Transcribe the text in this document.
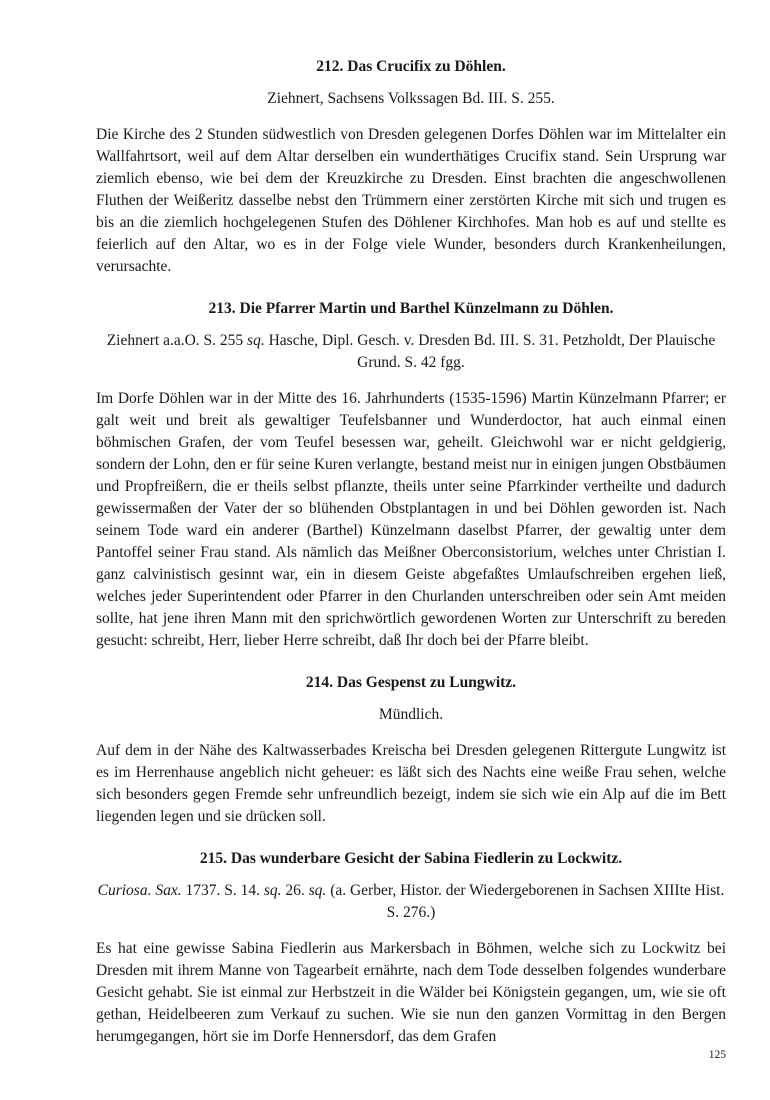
212. Das Crucifix zu Döhlen.

Ziehnert, Sachsens Volkssagen Bd. III. S. 255.

Die Kirche des 2 Stunden südwestlich von Dresden gelegenen Dorfes Döhlen war im Mittelalter ein Wallfahrtsort, weil auf dem Altar derselben ein wunderthätiges Crucifix stand. Sein Ursprung war ziemlich ebenso, wie bei dem der Kreuzkirche zu Dresden. Einst brachten die angeschwollenen Fluthen der Weißeritz dasselbe nebst den Trümmern einer zerstörten Kirche mit sich und trugen es bis an die ziemlich hochgelegenen Stufen des Döhlener Kirchhofes. Man hob es auf und stellte es feierlich auf den Altar, wo es in der Folge viele Wunder, besonders durch Krankenheilungen, verursachte.

213. Die Pfarrer Martin und Barthel Künzelmann zu Döhlen.

Ziehnert a.a.O. S. 255 sq. Hasche, Dipl. Gesch. v. Dresden Bd. III. S. 31. Petzholdt, Der Plauische Grund. S. 42 fgg.

Im Dorfe Döhlen war in der Mitte des 16. Jahrhunderts (1535-1596) Martin Künzelmann Pfarrer; er galt weit und breit als gewaltiger Teufelsbanner und Wunderdoctor, hat auch einmal einen böhmischen Grafen, der vom Teufel besessen war, geheilt. Gleichwohl war er nicht geldgierig, sondern der Lohn, den er für seine Kuren verlangte, bestand meist nur in einigen jungen Obstbäumen und Propfreißern, die er theils selbst pflanzte, theils unter seine Pfarrkinder vertheilte und dadurch gewissermaßen der Vater der so blühenden Obstplantagen in und bei Döhlen geworden ist. Nach seinem Tode ward ein anderer (Barthel) Künzelmann daselbst Pfarrer, der gewaltig unter dem Pantoffel seiner Frau stand. Als nämlich das Meißner Oberconsistorium, welches unter Christian I. ganz calvinistisch gesinnt war, ein in diesem Geiste abgefaßtes Umlaufschreiben ergehen ließ, welches jeder Superintendent oder Pfarrer in den Churlanden unterschreiben oder sein Amt meiden sollte, hat jene ihren Mann mit den sprichwörtlich gewordenen Worten zur Unterschrift zu bereden gesucht: schreibt, Herr, lieber Herre schreibt, daß Ihr doch bei der Pfarre bleibt.

214. Das Gespenst zu Lungwitz.

Mündlich.

Auf dem in der Nähe des Kaltwasserbades Kreischa bei Dresden gelegenen Rittergute Lungwitz ist es im Herrenhause angeblich nicht geheuer: es läßt sich des Nachts eine weiße Frau sehen, welche sich besonders gegen Fremde sehr unfreundlich bezeigt, indem sie sich wie ein Alp auf die im Bett liegenden legen und sie drücken soll.

215. Das wunderbare Gesicht der Sabina Fiedlerin zu Lockwitz.

Curiosa. Sax. 1737. S. 14. sq. 26. sq. (a. Gerber, Histor. der Wiedergeborenen in Sachsen XIIIte Hist. S. 276.)

Es hat eine gewisse Sabina Fiedlerin aus Markersbach in Böhmen, welche sich zu Lockwitz bei Dresden mit ihrem Manne von Tagearbeit ernährte, nach dem Tode desselben folgendes wunderbare Gesicht gehabt. Sie ist einmal zur Herbstzeit in die Wälder bei Königstein gegangen, um, wie sie oft gethan, Heidelbeeren zum Verkauf zu suchen. Wie sie nun den ganzen Vormittag in den Bergen herumgegangen, hört sie im Dorfe Hennersdorf, das dem Grafen

125
